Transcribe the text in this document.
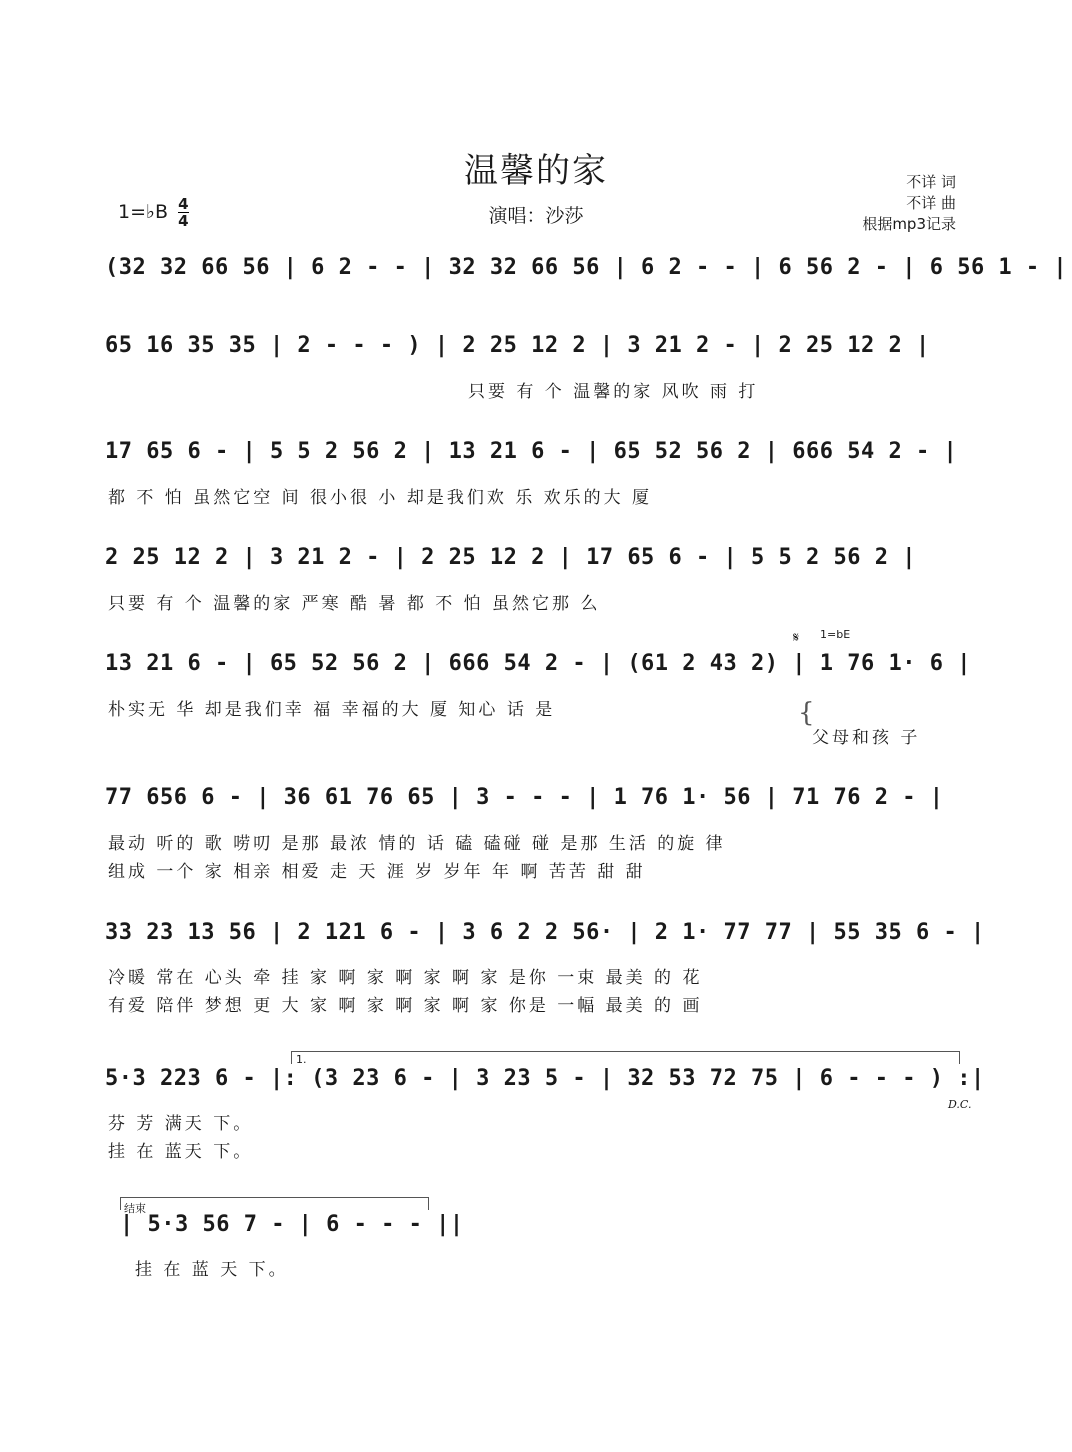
温馨的家
演唱：沙莎
不详 词
不详 曲
根据mp3记录
1=♭B $\frac{4}{4}$
(32 32 66 56 | 6 2 - - | 32 32 66 56 | 6 2 - - | 6 56 2 - | 6 56 1 - |
65 16 35 35 | 2 - - - ) | 2 25 12 2 | 3 21 2 - | 2 25 12 2 |
只要 有 个 温馨的家 风吹 雨 打
17 65 6 - | 5 5 2 56 2 | 13 21 6 - | 65 52 56 2 | 666 54 2 - |
都 不 怕 虽然它空 间 很小很 小 却是我们欢 乐 欢乐的大 厦
2 25 12 2 | 3 21 2 - | 2 25 12 2 | 17 65 6 - | 5 5 2 56 2 |
只要 有 个 温馨的家 严寒 酷 暑 都 不 怕 虽然它那 么
𝄋 1=bE
13 21 6 - | 65 52 56 2 | 666 54 2 - | (61 2 43 2) | 1 76 1· 6 |
朴实无 华 却是我们幸 福 幸福的大 厦 知心 话 是	{
父母和孩 子
77 656 6 - | 36 61 76 65 | 3 - - - | 1 76 1· 56 | 71 76 2 - |
最动 听的 歌 唠叨 是那 最浓 情的 话 磕 磕碰 碰 是那 生活 的旋 律
组成 一个 家 相亲 相爱 走 天 涯 岁 岁年 年 啊 苦苦 甜 甜
33 23 13 56 | 2 121 6 - | 3 6 2 2 56· | 2 1· 77 77 | 55 35 6 - |
冷暖 常在 心头 牵 挂 家 啊 家 啊 家 啊 家 是你 一束 最美 的 花
有爱 陪伴 梦想 更 大 家 啊 家 啊 家 啊 家 你是 一幅 最美 的 画
1.
5·3 223 6 - |: (3 23 6 - | 3 23 5 - | 32 53 72 75 | 6 - - - ) :|
D.C.
芬 芳 满天 下。
挂 在 蓝天 下。
结束
| 5·3 56 7 - | 6 - - - ||
挂 在 蓝 天 下。
